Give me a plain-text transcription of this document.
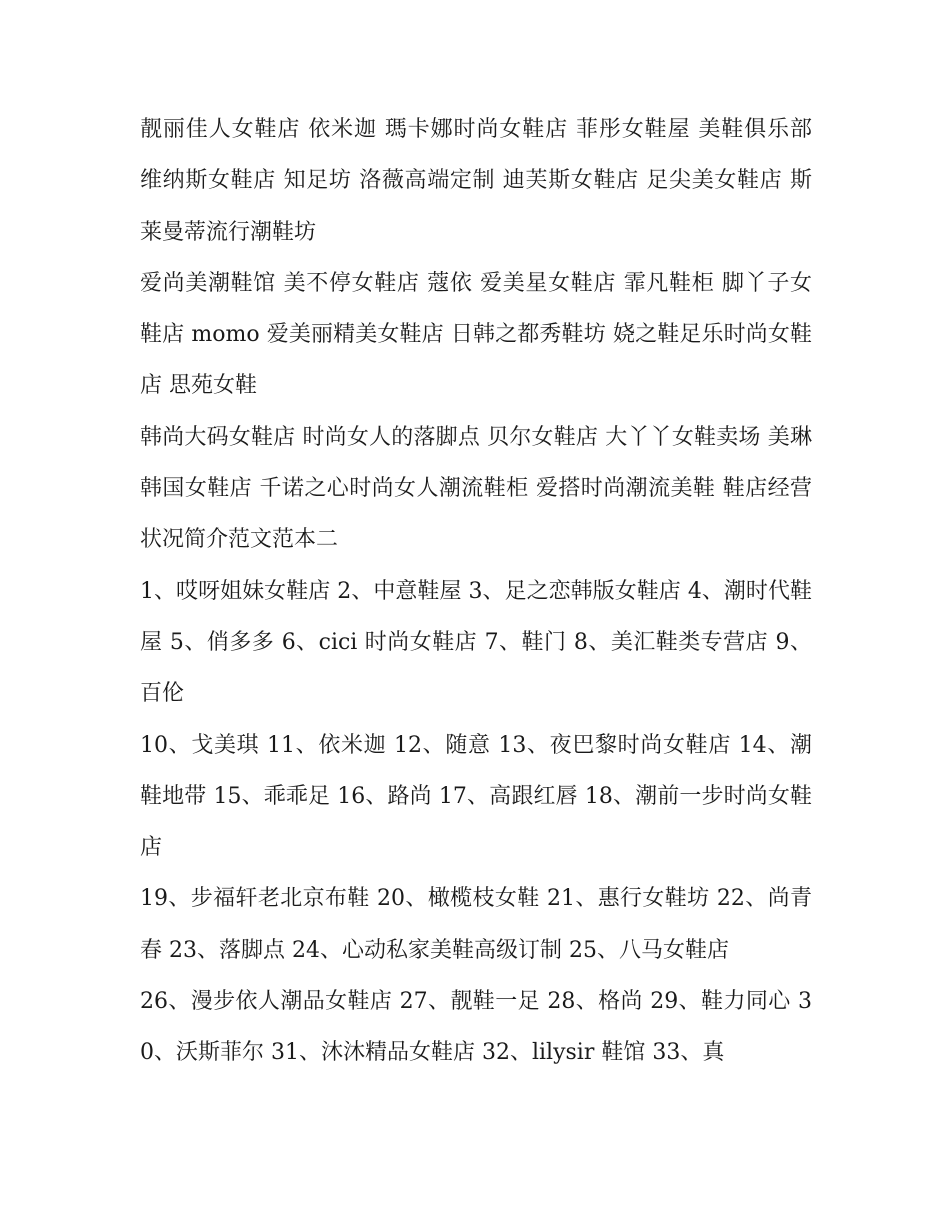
靓丽佳人女鞋店 依米迦 瑪卡娜时尚女鞋店 菲彤女鞋屋 美鞋俱乐部 维纳斯女鞋店 知足坊 洛薇高端定制 迪芙斯女鞋店 足尖美女鞋店 斯莱曼蒂流行潮鞋坊

爱尚美潮鞋馆 美不停女鞋店 蔻依 爱美星女鞋店 霏凡鞋柜 脚丫子女鞋店 momo 爱美丽精美女鞋店 日韩之都秀鞋坊 娆之鞋足乐时尚女鞋店 思苑女鞋

韩尚大码女鞋店 时尚女人的落脚点 贝尔女鞋店 大丫丫女鞋卖场 美琳韩国女鞋店 千诺之心时尚女人潮流鞋柜 爱搭时尚潮流美鞋 鞋店经营状况简介范文范本二

1、哎呀姐妹女鞋店 2、中意鞋屋 3、足之恋韩版女鞋店 4、潮时代鞋屋 5、俏多多 6、cici 时尚女鞋店 7、鞋门 8、美汇鞋类专营店 9、百伦

10、戈美琪 11、依米迦 12、随意 13、夜巴黎时尚女鞋店 14、潮鞋地带 15、乖乖足 16、路尚 17、高跟红唇 18、潮前一步时尚女鞋店

19、步福轩老北京布鞋 20、橄榄枝女鞋 21、惠行女鞋坊 22、尚青春 23、落脚点 24、心动私家美鞋高级订制 25、八马女鞋店

26、漫步依人潮品女鞋店 27、靓鞋一足 28、格尚 29、鞋力同心 30、沃斯菲尔 31、沐沐精品女鞋店 32、lilysir 鞋馆 33、真
